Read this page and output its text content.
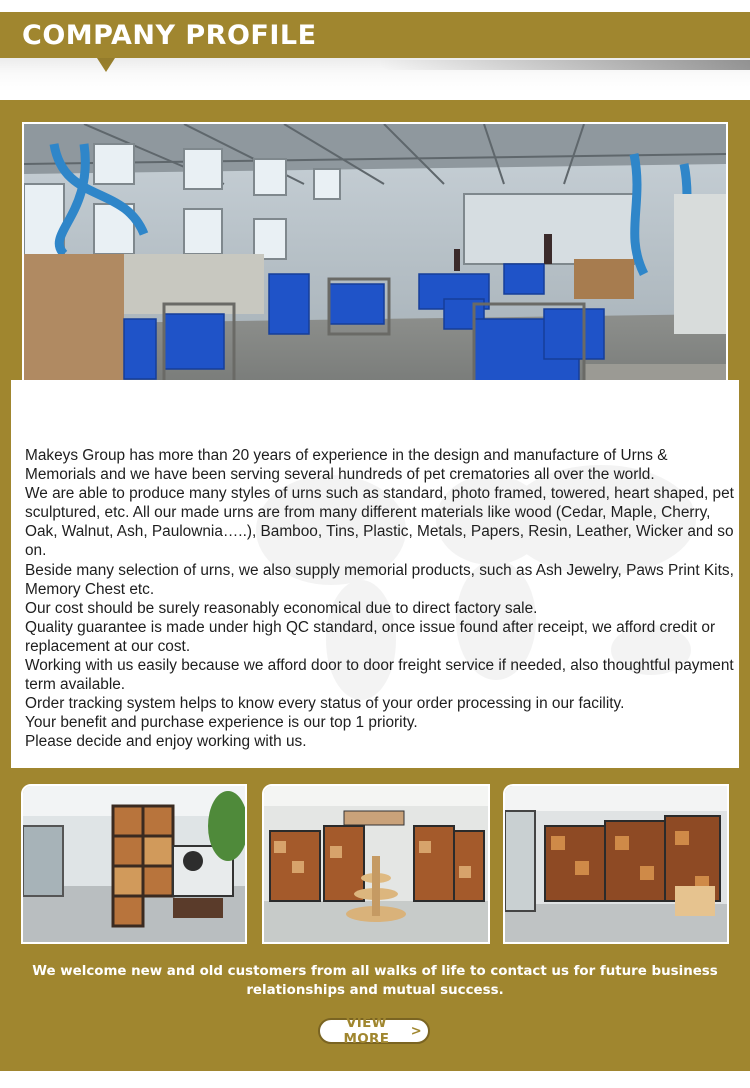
COMPANY PROFILE

Makeys Group has more than 20 years of experience in the design and manufacture of Urns & Memorials and we have been serving several hundreds of pet crematories all over the world.

We are able to produce many styles of urns such as standard, photo framed, towered, heart shaped, pet sculptured, etc. All our made urns are from many different materials like wood (Cedar, Maple, Cherry, Oak, Walnut, Ash, Paulownia…..), Bamboo, Tins, Plastic, Metals, Papers, Resin, Leather, Wicker and so on.

Beside many selection of urns, we also supply memorial products, such as Ash Jewelry, Paws Print Kits, Memory Chest etc.

Our cost should be surely reasonably economical due to direct factory sale.

Quality guarantee is made under high QC standard, once issue found after receipt, we afford credit or replacement at our cost.

Working with us easily because we afford door to door freight service if needed, also thoughtful payment term available.

Order tracking system helps to know every status of your order processing in our facility.

Your benefit and purchase experience is our top 1 priority.

Please decide and enjoy working with us.

We welcome new and old customers from all walks of life to contact us for future business relationships and mutual success.
VIEW MORE	>
